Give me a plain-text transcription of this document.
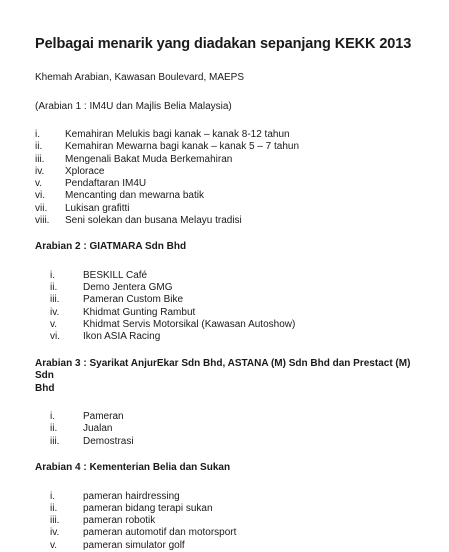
Pelbagai menarik yang diadakan sepanjang KEKK 2013

Khemah Arabian, Kawasan Boulevard, MAEPS

(Arabian 1 : IM4U dan Majlis Belia Malaysia)

i.	Kemahiran Melukis bagi kanak – kanak 8-12 tahun
ii.	Kemahiran Mewarna bagi kanak – kanak 5 – 7 tahun
iii.	Mengenali Bakat Muda Berkemahiran
iv.	Xplorace
v.	Pendaftaran IM4U
vi.	Mencanting dan mewarna batik
vii.	Lukisan grafitti
viii.	Seni solekan dan busana Melayu tradisi

Arabian 2 : GIATMARA Sdn Bhd

i.	BESKILL Café
ii.	Demo Jentera GMG
iii.	Pameran Custom Bike
iv.	Khidmat Gunting Rambut
v.	Khidmat Servis Motorsikal (Kawasan Autoshow)
vi.	Ikon ASIA Racing

Arabian 3 : Syarikat AnjurEkar Sdn Bhd, ASTANA (M) Sdn Bhd dan Prestact (M) Sdn
Bhd

i.	Pameran
ii.	Jualan
iii.	Demostrasi

Arabian 4 : Kementerian Belia dan Sukan

i.	pameran hairdressing
ii.	pameran bidang terapi sukan
iii.	pameran robotik
iv.	pameran automotif dan motorsport
v.	pameran simulator golf
